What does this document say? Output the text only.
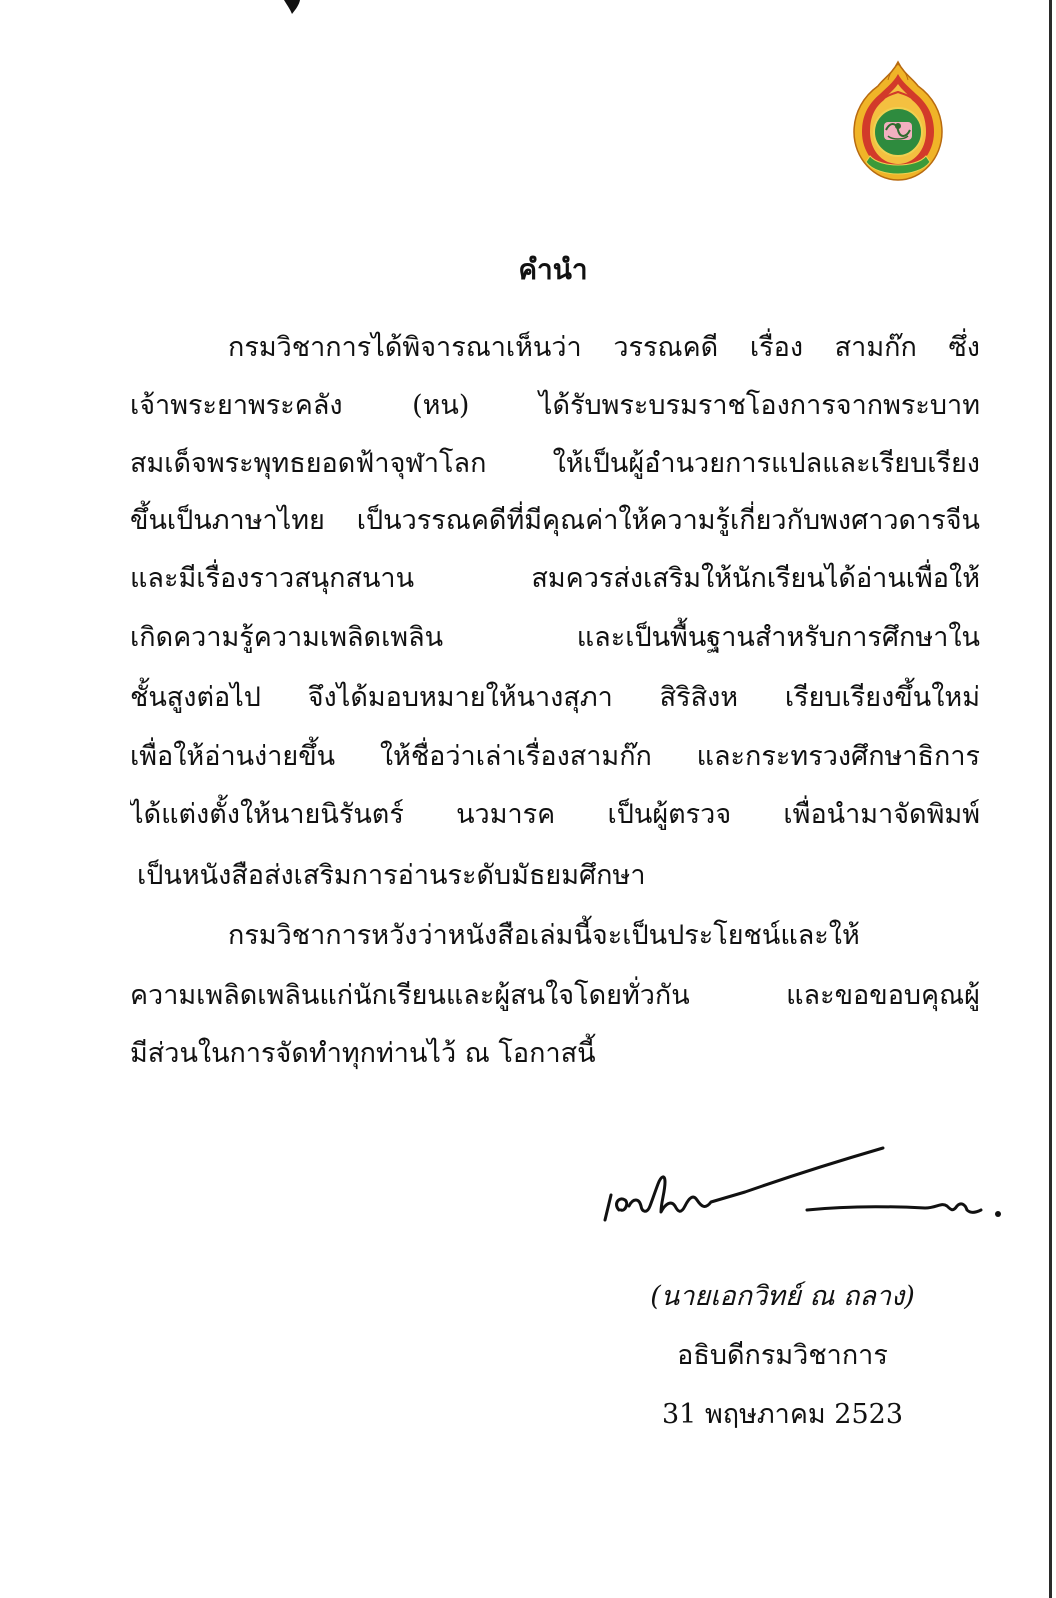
คำนำ
กรมวิชาการได้พิจารณาเห็นว่า วรรณคดี เรื่อง สามก๊ก ซึ่ง
เจ้าพระยาพระคลัง (หน) ได้รับพระบรมราชโองการจากพระบาท
สมเด็จพระพุทธยอดฟ้าจุฬาโลก ให้เป็นผู้อำนวยการแปลและเรียบเรียง
ขึ้นเป็นภาษาไทย เป็นวรรณคดีที่มีคุณค่าให้ความรู้เกี่ยวกับพงศาวดารจีน
และมีเรื่องราวสนุกสนาน สมควรส่งเสริมให้นักเรียนได้อ่านเพื่อให้
เกิดความรู้ความเพลิดเพลิน และเป็นพื้นฐานสำหรับการศึกษาใน
ชั้นสูงต่อไป จึงได้มอบหมายให้นางสุภา สิริสิงห เรียบเรียงขึ้นใหม่
เพื่อให้อ่านง่ายขึ้น ให้ชื่อว่าเล่าเรื่องสามก๊ก และกระทรวงศึกษาธิการ
ได้แต่งตั้งให้นายนิรันตร์ นวมารค เป็นผู้ตรวจ เพื่อนำมาจัดพิมพ์
เป็นหนังสือส่งเสริมการอ่านระดับมัธยมศึกษา
กรมวิชาการหวังว่าหนังสือเล่มนี้จะเป็นประโยชน์และให้
ความเพลิดเพลินแก่นักเรียนและผู้สนใจโดยทั่วกัน และขอขอบคุณผู้
มีส่วนในการจัดทำทุกท่านไว้ ณ โอกาสนี้
(นายเอกวิทย์ ณ ถลาง)
อธิบดีกรมวิชาการ
31 พฤษภาคม 2523
